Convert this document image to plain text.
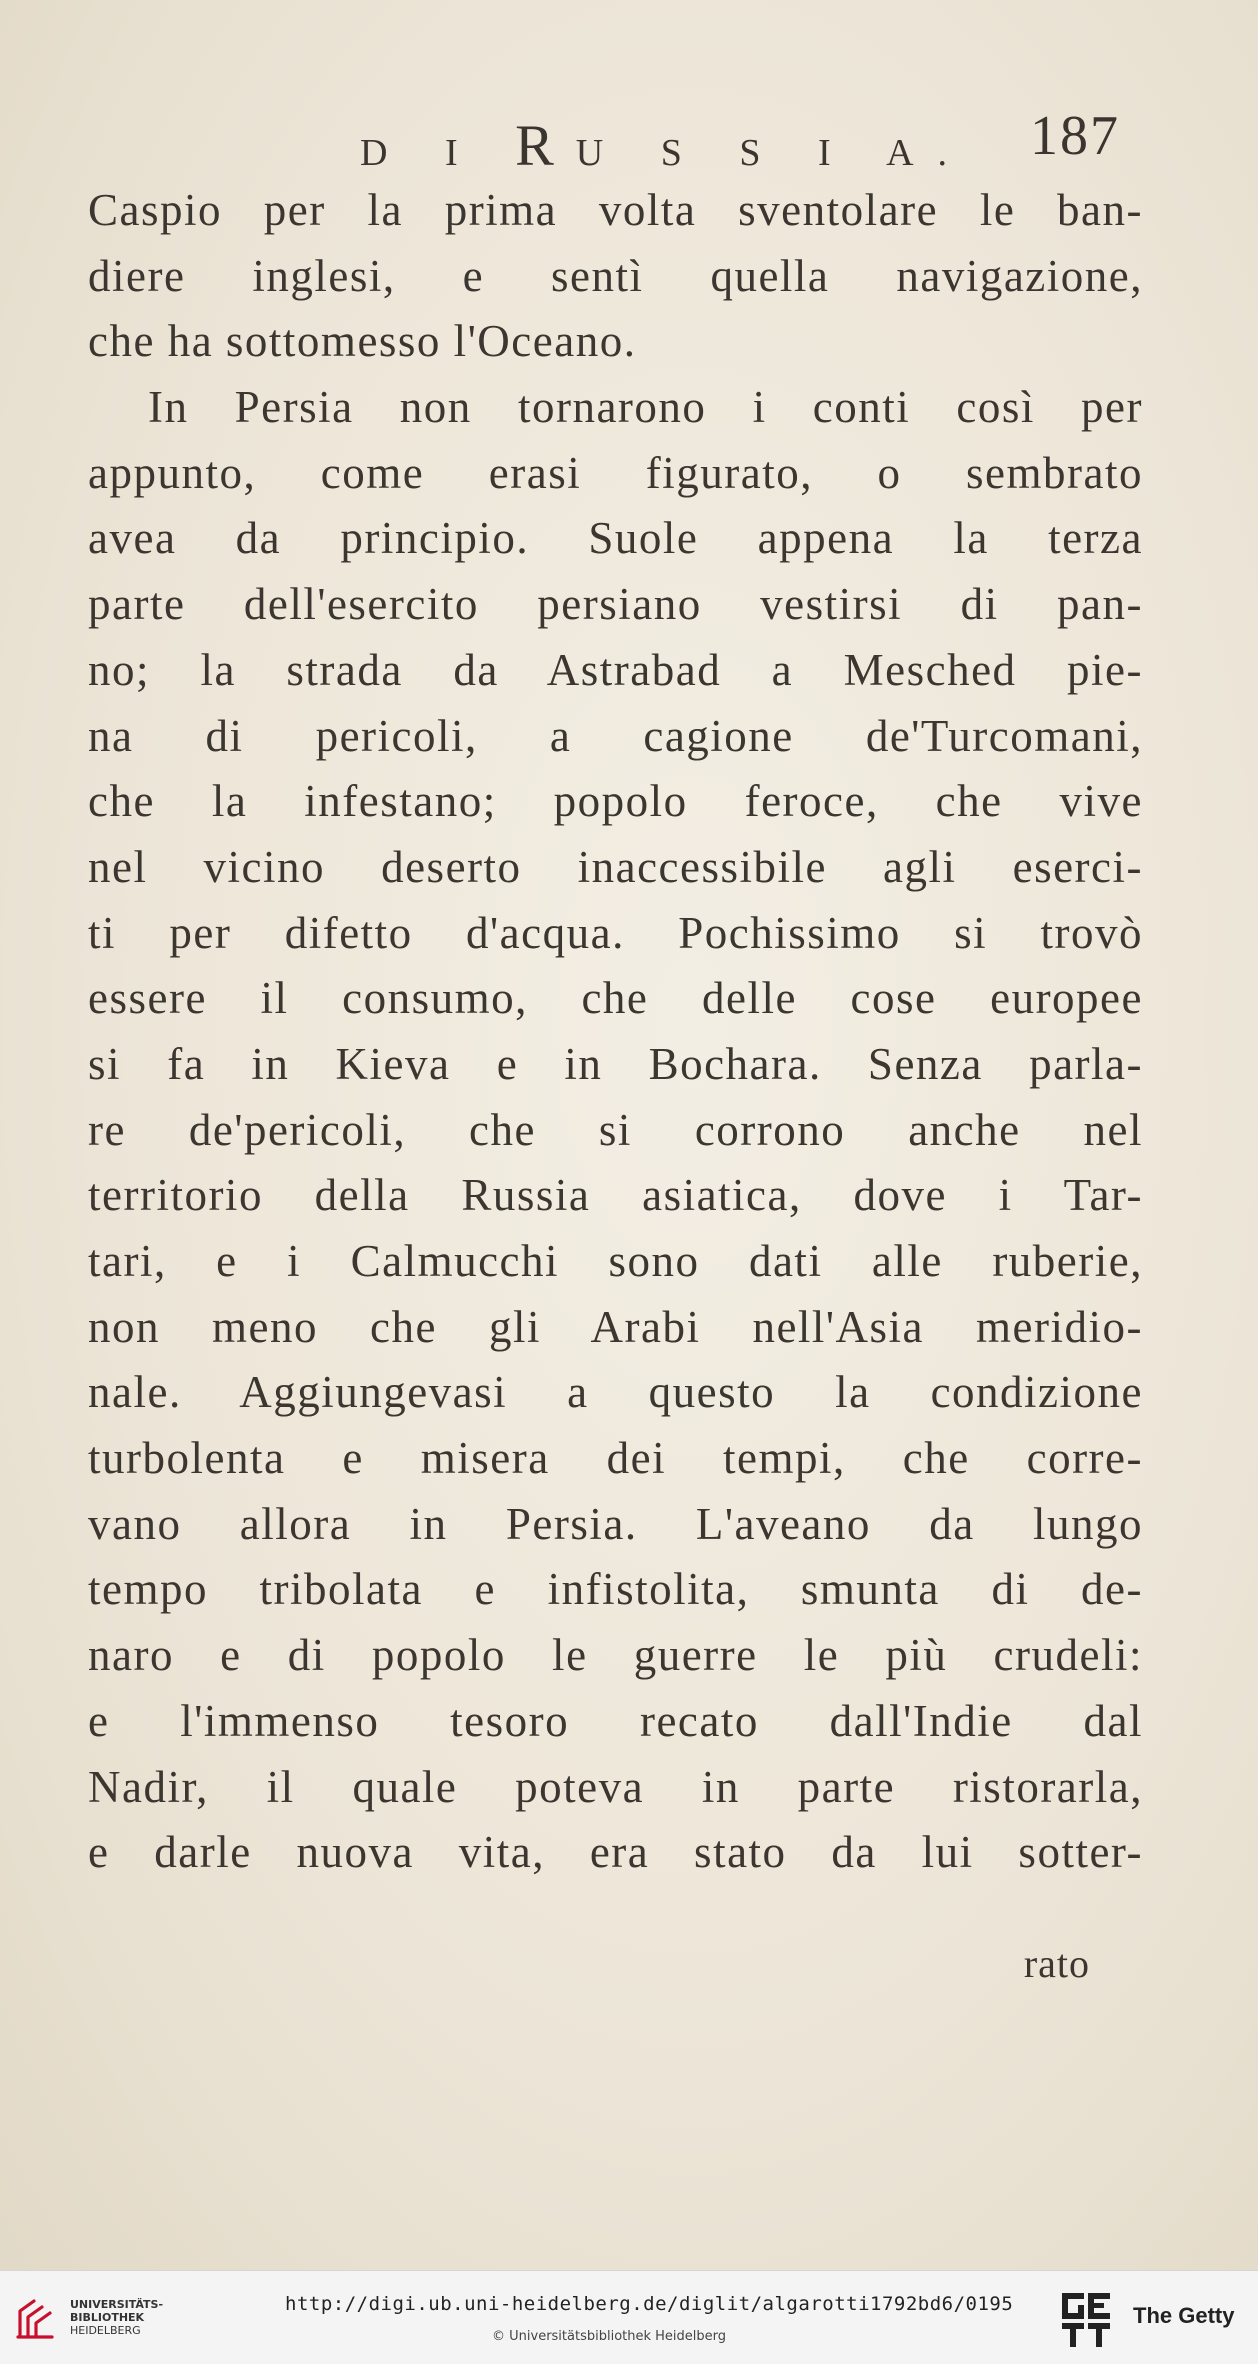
D I RU S S I A. 187
Caspio per la prima volta sventolare le ban-
diere inglesi, e sentì quella navigazione,
che ha sottomesso l'Oceano.
In Persia non tornarono i conti così per
appunto, come erasi figurato, o sembrato
avea da principio. Suole appena la terza
parte dell'esercito persiano vestirsi di pan-
no; la strada da Astrabad a Mesched pie-
na di pericoli, a cagione de'Turcomani,
che la infestano; popolo feroce, che vive
nel vicino deserto inaccessibile agli eserci-
ti per difetto d'acqua. Pochissimo si trovò
essere il consumo, che delle cose europee
si fa in Kieva e in Bochara. Senza parla-
re de'pericoli, che si corrono anche nel
territorio della Russia asiatica, dove i Tar-
tari, e i Calmucchi sono dati alle ruberie,
non meno che gli Arabi nell'Asia meridio-
nale. Aggiungevasi a questo la condizione
turbolenta e misera dei tempi, che corre-
vano allora in Persia. L'aveano da lungo
tempo tribolata e infistolita, smunta di de-
naro e di popolo le guerre le più crudeli:
e l'immenso tesoro recato dall'Indie dal
Nadir, il quale poteva in parte ristorarla,
e darle nuova vita, era stato da lui sotter-
rato
UNIVERSITÄTS-
BIBLIOTHEK
HEIDELBERG
http://digi.ub.uni-heidelberg.de/diglit/algarotti1792bd6/0195
© Universitätsbibliothek Heidelberg
The Getty
